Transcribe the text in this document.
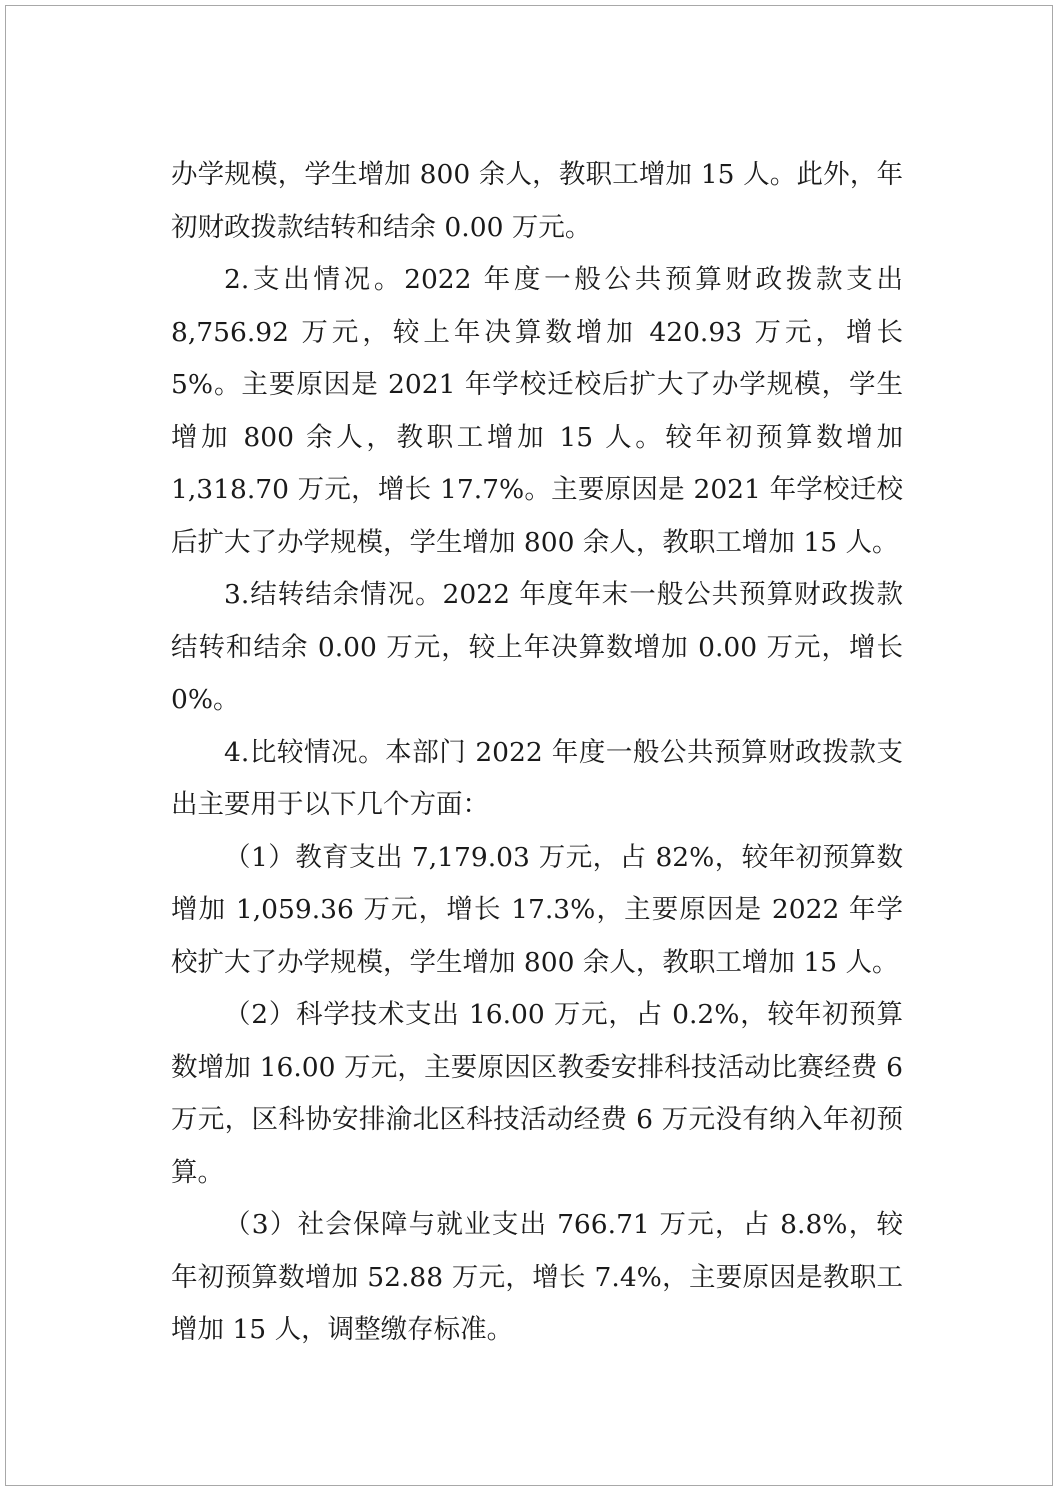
办学规模，学生增加 800 余人，教职工增加 15 人。此外，年初财政拨款结转和结余 0.00 万元。

2.支出情况。2022 年度一般公共预算财政拨款支出 8,756.92 万元，较上年决算数增加 420.93 万元，增长 5%。主要原因是 2021 年学校迁校后扩大了办学规模，学生增加 800 余人，教职工增加 15 人。较年初预算数增加 1,318.70 万元，增长 17.7%。主要原因是 2021 年学校迁校后扩大了办学规模，学生增加 800 余人，教职工增加 15 人。

3.结转结余情况。2022 年度年末一般公共预算财政拨款结转和结余 0.00 万元，较上年决算数增加 0.00 万元，增长 0%。

4.比较情况。本部门 2022 年度一般公共预算财政拨款支出主要用于以下几个方面：

（1）教育支出 7,179.03 万元，占 82%，较年初预算数增加 1,059.36 万元，增长 17.3%，主要原因是 2022 年学校扩大了办学规模，学生增加 800 余人，教职工增加 15 人。

（2）科学技术支出 16.00 万元，占 0.2%，较年初预算数增加 16.00 万元，主要原因区教委安排科技活动比赛经费 6 万元，区科协安排渝北区科技活动经费 6 万元没有纳入年初预算。

（3）社会保障与就业支出 766.71 万元，占 8.8%，较年初预算数增加 52.88 万元，增长 7.4%，主要原因是教职工增加 15 人，调整缴存标准。
